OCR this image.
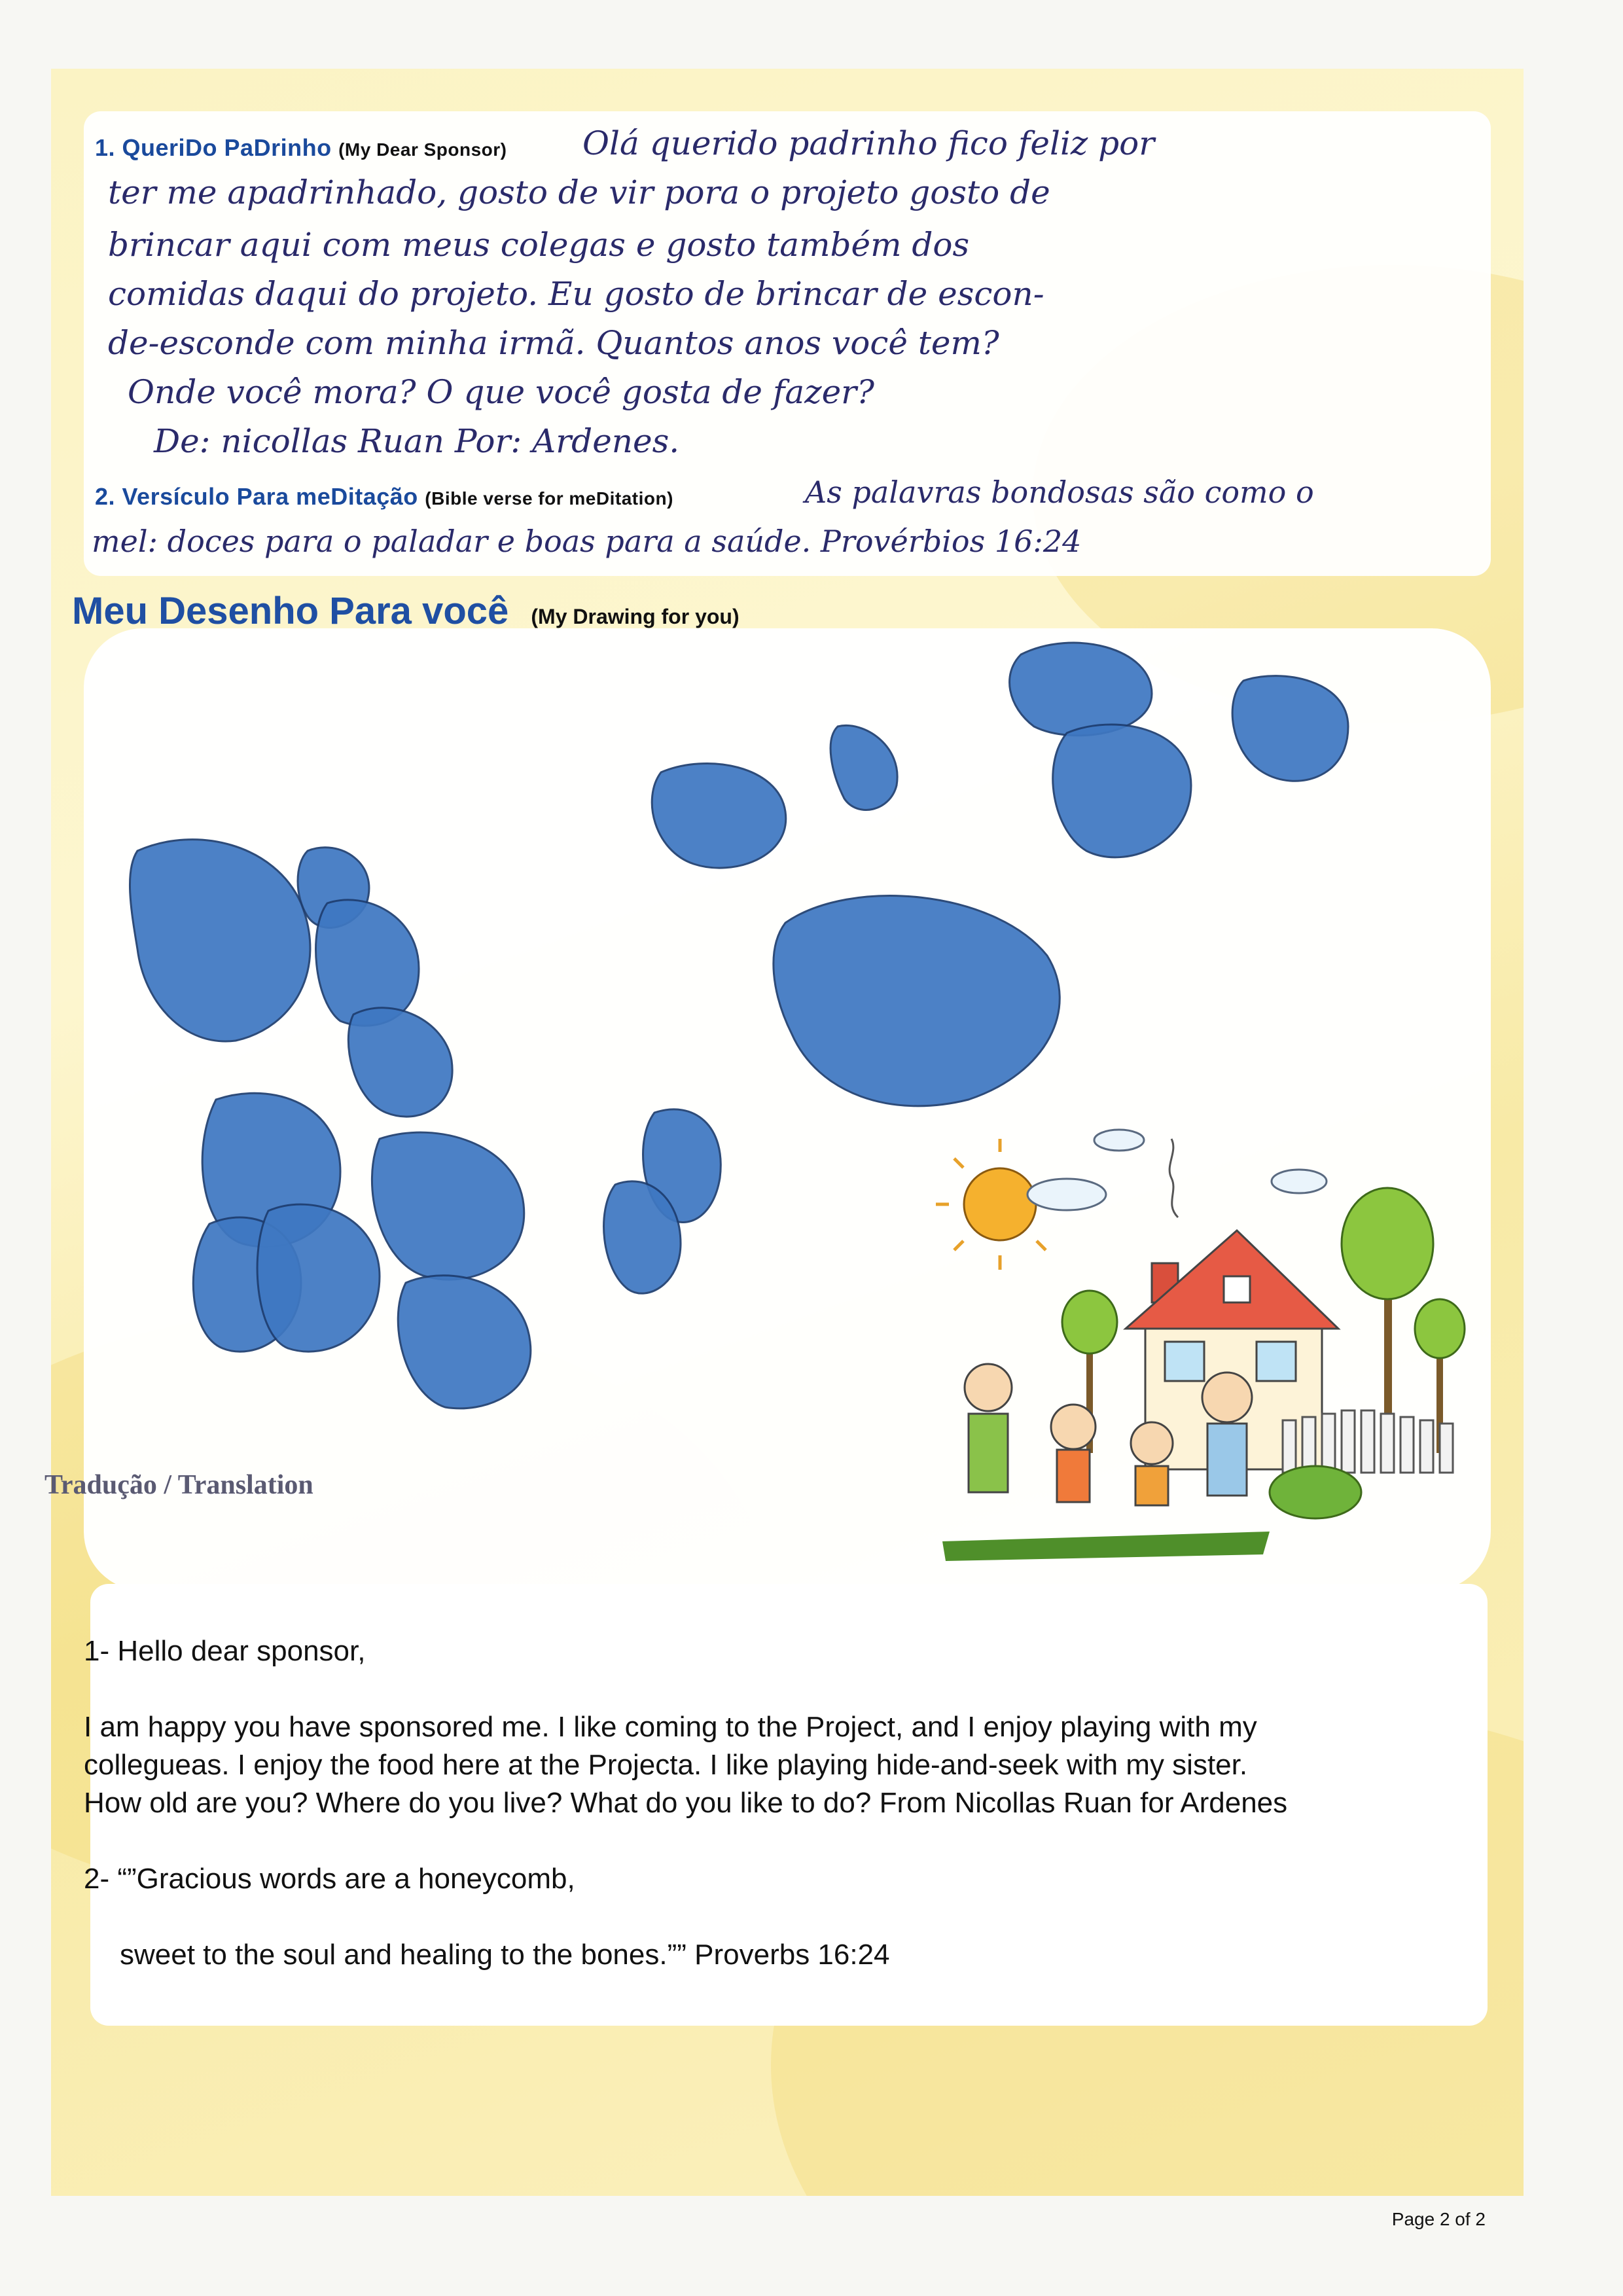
1. QueriDo PaDrinho (My Dear Sponsor) Olá querido padrinho fico feliz por
ter me apadrinhado, gosto de vir pora o projeto gosto de
brincar aqui com meus colegas e gosto também dos
comidas daqui do projeto. Eu gosto de brincar de escon-
de-esconde com minha irmã. Quantos anos você tem?
Onde você mora? O que você gosta de fazer?
De: nicollas Ruan Por: Ardenes.
2. Versículo Para meDitação (Bible verse for meDitation)	As palavras bondosas são como o
mel: doces para o paladar e boas para a saúde. Provérbios 16:24
Meu Desenho Para você (My Drawing for you)
Tradução / Translation
1- Hello dear sponsor,
I am happy you have sponsored me. I like coming to the Project, and I enjoy playing with my
collegueas. I enjoy the food here at the Projecta. I like playing hide-and-seek with my sister.
How old are you? Where do you live? What do you like to do? From Nicollas Ruan for Ardenes
2- “”Gracious words are a honeycomb,
sweet to the soul and healing to the bones.”” Proverbs 16:24
Page 2 of 2
